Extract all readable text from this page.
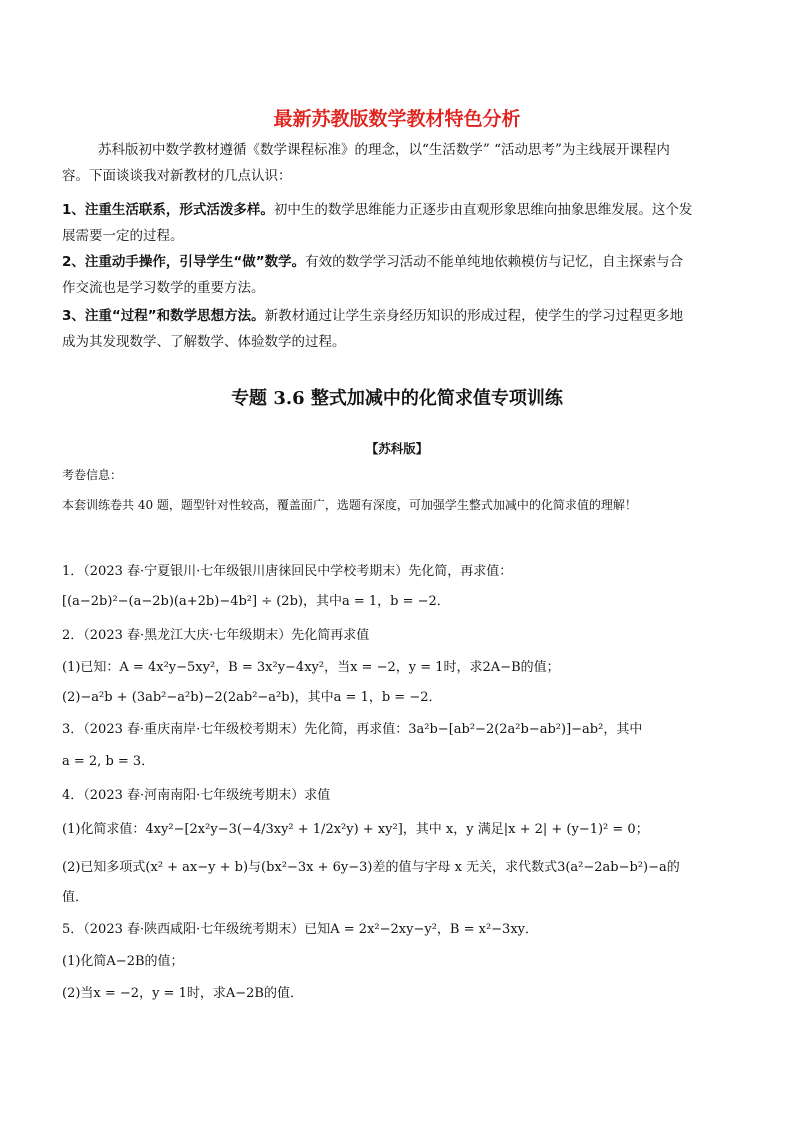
最新苏教版数学教材特色分析
苏科版初中数学教材遵循《数学课程标准》的理念，以“生活数学” “活动思考”为主线展开课程内
容。下面谈谈我对新教材的几点认识：
1、注重生活联系，形式活泼多样。初中生的数学思维能力正逐步由直观形象思维向抽象思维发展。这个发
展需要一定的过程。
2、注重动手操作，引导学生“做”数学。有效的数学学习活动不能单纯地依赖模仿与记忆，自主探索与合
作交流也是学习数学的重要方法。
3、注重“过程”和数学思想方法。新教材通过让学生亲身经历知识的形成过程，使学生的学习过程更多地
成为其发现数学、了解数学、体验数学的过程。
专题 3.6 整式加减中的化简求值专项训练
【苏科版】
考卷信息：
本套训练卷共 40 题，题型针对性较高，覆盖面广，选题有深度，可加强学生整式加减中的化简求值的理解！
1．（2023 春·宁夏银川·七年级银川唐徕回民中学校考期末）先化简，再求值：
[(a−2b)²−(a−2b)(a+2b)−4b²] ÷ (2b)，其中a = 1，b = −2．
2．（2023 春·黑龙江大庆·七年级期末）先化简再求值
(1)已知：A = 4x²y−5xy²，B = 3x²y−4xy²，当x = −2，y = 1时，求2A−B的值；
(2)−a²b + (3ab²−a²b)−2(2ab²−a²b)，其中a = 1，b = −2．
3．（2023 春·重庆南岸·七年级校考期末）先化简，再求值：3a²b−[ab²−2(2a²b−ab²)]−ab²，其中
a = 2, b = 3．
4．（2023 春·河南南阳·七年级统考期末）求值
(1)化简求值：4xy²−[2x²y−3(−4/3xy² + 1/2x²y) + xy²]，其中 x，y 满足|x + 2| + (y−1)² = 0；
(2)已知多项式(x² + ax−y + b)与(bx²−3x + 6y−3)差的值与字母 x 无关，求代数式3(a²−2ab−b²)−a的
值．
5．（2023 春·陕西咸阳·七年级统考期末）已知A = 2x²−2xy−y²，B = x²−3xy．
(1)化简A−2B的值；
(2)当x = −2，y = 1时，求A−2B的值．
